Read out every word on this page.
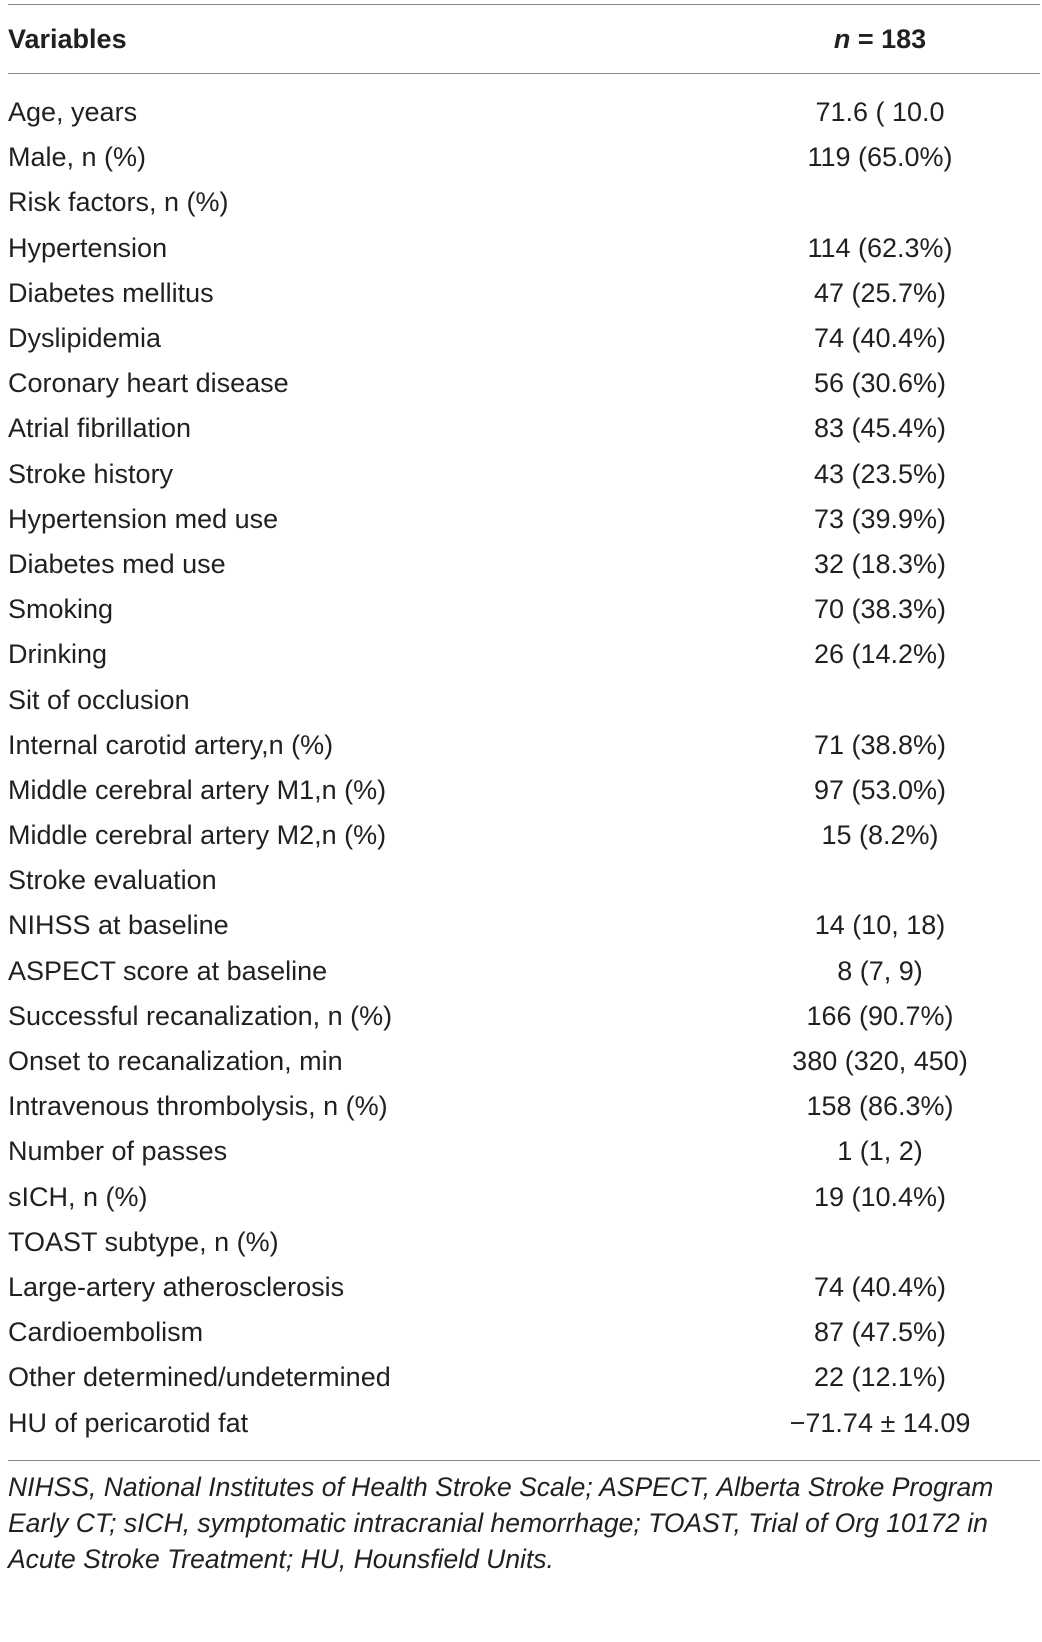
Variables	n = 183
Age, years	71.6 ( 10.0
Male, n (%)	119 (65.0%)
Risk factors, n (%)
Hypertension	114 (62.3%)
Diabetes mellitus	47 (25.7%)
Dyslipidemia	74 (40.4%)
Coronary heart disease	56 (30.6%)
Atrial fibrillation	83 (45.4%)
Stroke history	43 (23.5%)
Hypertension med use	73 (39.9%)
Diabetes med use	32 (18.3%)
Smoking	70 (38.3%)
Drinking	26 (14.2%)
Sit of occlusion
Internal carotid artery,n (%)	71 (38.8%)
Middle cerebral artery M1,n (%)	97 (53.0%)
Middle cerebral artery M2,n (%)	15 (8.2%)
Stroke evaluation
NIHSS at baseline	14 (10, 18)
ASPECT score at baseline	8 (7, 9)
Successful recanalization, n (%)	166 (90.7%)
Onset to recanalization, min	380 (320, 450)
Intravenous thrombolysis, n (%)	158 (86.3%)
Number of passes	1 (1, 2)
sICH, n (%)	19 (10.4%)
TOAST subtype, n (%)
Large-artery atherosclerosis	74 (40.4%)
Cardioembolism	87 (47.5%)
Other determined/undetermined	22 (12.1%)
HU of pericarotid fat	−71.74 ± 14.09
NIHSS, National Institutes of Health Stroke Scale; ASPECT, Alberta Stroke Program Early CT; sICH, symptomatic intracranial hemorrhage; TOAST, Trial of Org 10172 in Acute Stroke Treatment; HU, Hounsfield Units.
